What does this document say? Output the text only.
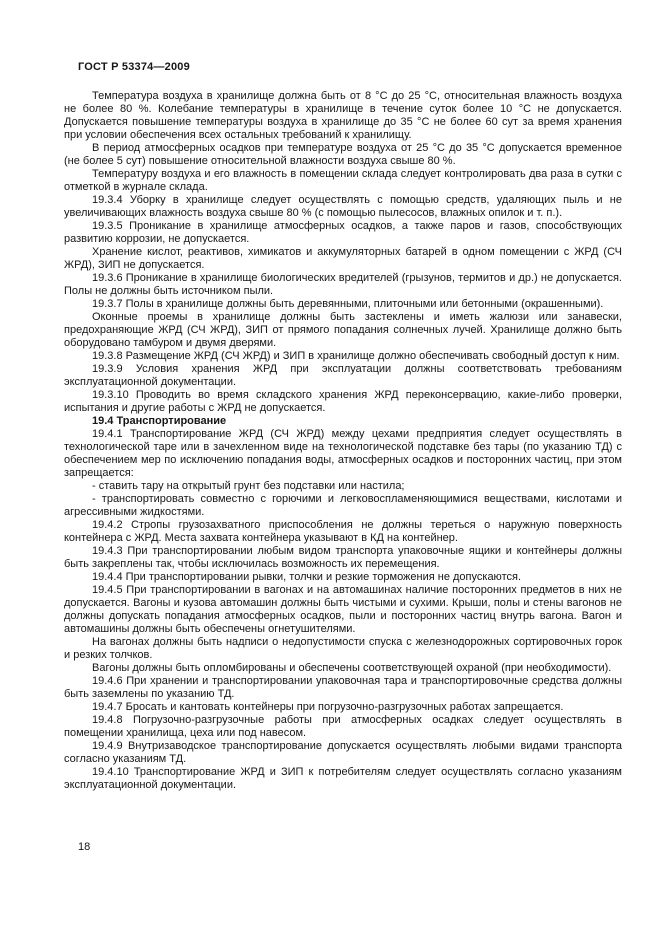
ГОСТ Р 53374—2009

Температура воздуха в хранилище должна быть от 8 °С до 25 °С, относительная влажность воздуха не более 80 %. Колебание температуры в хранилище в течение суток более 10 °С не допускается. Допускается повышение температуры воздуха в хранилище до 35 °С не более 60 сут за время хранения при условии обеспечения всех остальных требований к хранилищу.

В период атмосферных осадков при температуре воздуха от 25 °С до 35 °С допускается временное (не более 5 сут) повышение относительной влажности воздуха свыше 80 %.

Температуру воздуха и его влажность в помещении склада следует контролировать два раза в сутки с отметкой в журнале склада.

19.3.4 Уборку в хранилище следует осуществлять с помощью средств, удаляющих пыль и не увеличивающих влажность воздуха свыше 80 % (с помощью пылесосов, влажных опилок и т. п.).

19.3.5 Проникание в хранилище атмосферных осадков, а также паров и газов, способствующих развитию коррозии, не допускается.

Хранение кислот, реактивов, химикатов и аккумуляторных батарей в одном помещении с ЖРД (СЧ ЖРД), ЗИП не допускается.

19.3.6 Проникание в хранилище биологических вредителей (грызунов, термитов и др.) не допускается. Полы не должны быть источником пыли.

19.3.7 Полы в хранилище должны быть деревянными, плиточными или бетонными (окрашенными).

Оконные проемы в хранилище должны быть застеклены и иметь жалюзи или занавески, предохраняющие ЖРД (СЧ ЖРД), ЗИП от прямого попадания солнечных лучей. Хранилище должно быть оборудовано тамбуром и двумя дверями.

19.3.8 Размещение ЖРД (СЧ ЖРД) и ЗИП в хранилище должно обеспечивать свободный доступ к ним.

19.3.9 Условия хранения ЖРД при эксплуатации должны соответствовать требованиям эксплуатационной документации.

19.3.10 Проводить во время складского хранения ЖРД переконсервацию, какие-либо проверки, испытания и другие работы с ЖРД не допускается.

19.4 Транспортирование

19.4.1 Транспортирование ЖРД (СЧ ЖРД) между цехами предприятия следует осуществлять в технологической таре или в зачехленном виде на технологической подставке без тары (по указанию ТД) с обеспечением мер по исключению попадания воды, атмосферных осадков и посторонних частиц, при этом запрещается:

- ставить тару на открытый грунт без подставки или настила;

- транспортировать совместно с горючими и легковоспламеняющимися веществами, кислотами и агрессивными жидкостями.

19.4.2 Стропы грузозахватного приспособления не должны тереться о наружную поверхность контейнера с ЖРД. Места захвата контейнера указывают в КД на контейнер.

19.4.3 При транспортировании любым видом транспорта упаковочные ящики и контейнеры должны быть закреплены так, чтобы исключилась возможность их перемещения.

19.4.4 При транспортировании рывки, толчки и резкие торможения не допускаются.

19.4.5 При транспортировании в вагонах и на автомашинах наличие посторонних предметов в них не допускается. Вагоны и кузова автомашин должны быть чистыми и сухими. Крыши, полы и стены вагонов не должны допускать попадания атмосферных осадков, пыли и посторонних частиц внутрь вагона. Вагон и автомашины должны быть обеспечены огнетушителями.

На вагонах должны быть надписи о недопустимости спуска с железнодорожных сортировочных горок и резких толчков.

Вагоны должны быть опломбированы и обеспечены соответствующей охраной (при необходимости).

19.4.6 При хранении и транспортировании упаковочная тара и транспортировочные средства должны быть заземлены по указанию ТД.

19.4.7 Бросать и кантовать контейнеры при погрузочно-разгрузочных работах запрещается.

19.4.8 Погрузочно-разгрузочные работы при атмосферных осадках следует осуществлять в помещении хранилища, цеха или под навесом.

19.4.9 Внутризаводское транспортирование допускается осуществлять любыми видами транспорта согласно указаниям ТД.

19.4.10 Транспортирование ЖРД и ЗИП к потребителям следует осуществлять согласно указаниям эксплуатационной документации.

18
